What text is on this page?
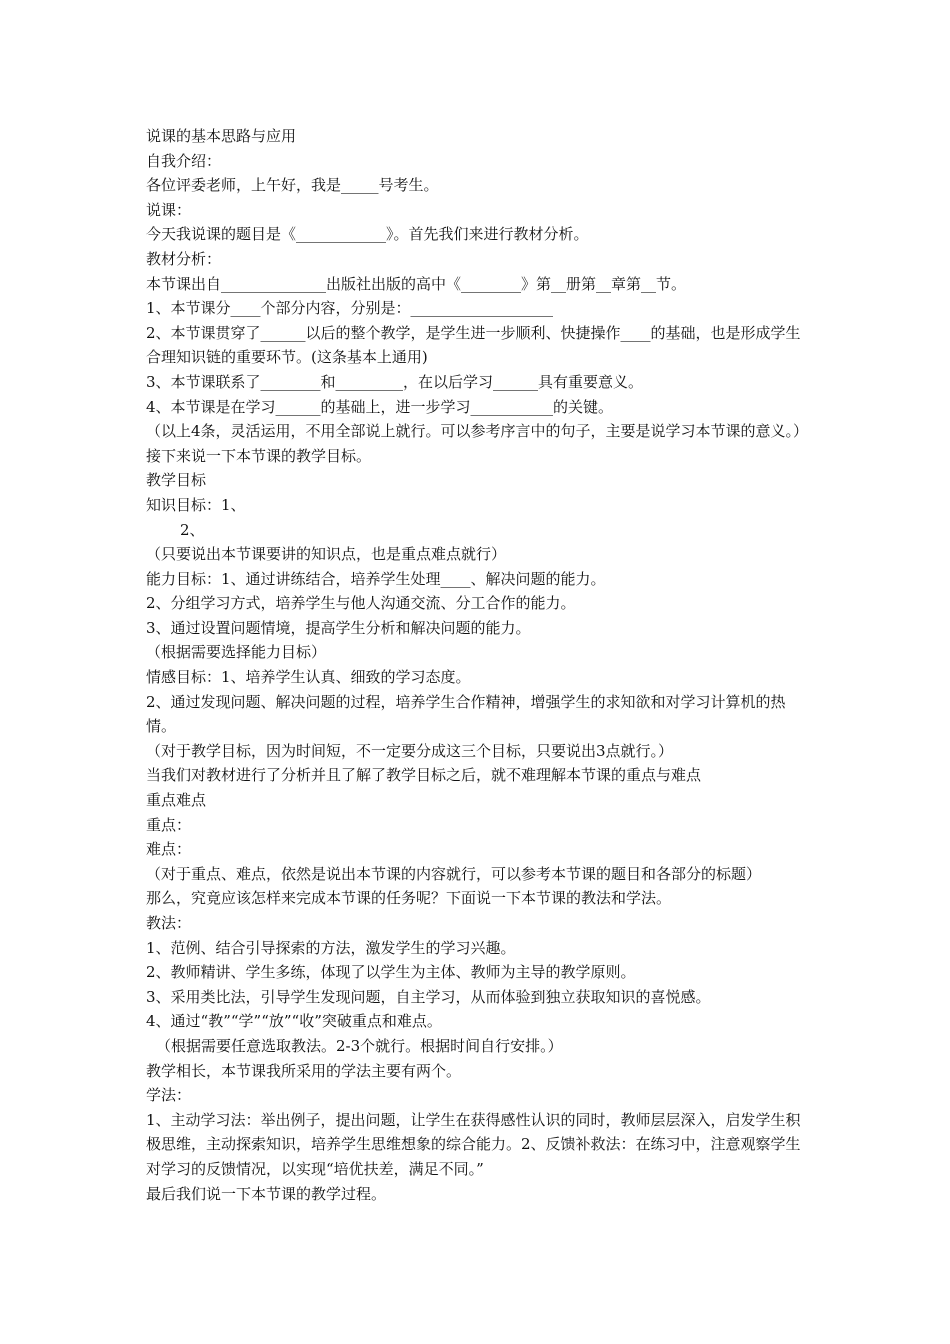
说课的基本思路与应用

自我介绍：

各位评委老师，上午好，我是_____号考生。

说课：

今天我说课的题目是《____________》。首先我们来进行教材分析。

教材分析：

本节课出自______________出版社出版的高中《________》第__册第__章第__节。

1、本节课分____个部分内容，分别是：___________________

2、本节课贯穿了______以后的整个教学，是学生进一步顺利、快捷操作____的基础，也是形成学生合理知识链的重要环节。(这条基本上通用)

3、本节课联系了________和_________，在以后学习______具有重要意义。

4、本节课是在学习______的基础上，进一步学习___________的关键。

（以上4条，灵活运用，不用全部说上就行。可以参考序言中的句子，主要是说学习本节课的意义。）接下来说一下本节课的教学目标。

教学目标

知识目标：1、

2、

（只要说出本节课要讲的知识点，也是重点难点就行）

能力目标：1、通过讲练结合，培养学生处理____、解决问题的能力。

2、分组学习方式，培养学生与他人沟通交流、分工合作的能力。

3、通过设置问题情境，提高学生分析和解决问题的能力。

（根据需要选择能力目标）

情感目标：1、培养学生认真、细致的学习态度。

2、通过发现问题、解决问题的过程，培养学生合作精神，增强学生的求知欲和对学习计算机的热情。

（对于教学目标，因为时间短，不一定要分成这三个目标，只要说出3点就行。）

当我们对教材进行了分析并且了解了教学目标之后，就不难理解本节课的重点与难点

重点难点

重点：

难点：

（对于重点、难点，依然是说出本节课的内容就行，可以参考本节课的题目和各部分的标题）

那么，究竟应该怎样来完成本节课的任务呢？下面说一下本节课的教法和学法。

教法：

1、范例、结合引导探索的方法，激发学生的学习兴趣。

2、教师精讲、学生多练，体现了以学生为主体、教师为主导的教学原则。

3、采用类比法，引导学生发现问题，自主学习，从而体验到独立获取知识的喜悦感。

4、通过“教”“学”“放”“收”突破重点和难点。

（根据需要任意选取教法。2-3个就行。根据时间自行安排。）

教学相长，本节课我所采用的学法主要有两个。

学法：

1、主动学习法：举出例子，提出问题，让学生在获得感性认识的同时，教师层层深入，启发学生积极思维，主动探索知识，培养学生思维想象的综合能力。2、反馈补救法：在练习中，注意观察学生对学习的反馈情况，以实现“培优扶差，满足不同。”

最后我们说一下本节课的教学过程。
